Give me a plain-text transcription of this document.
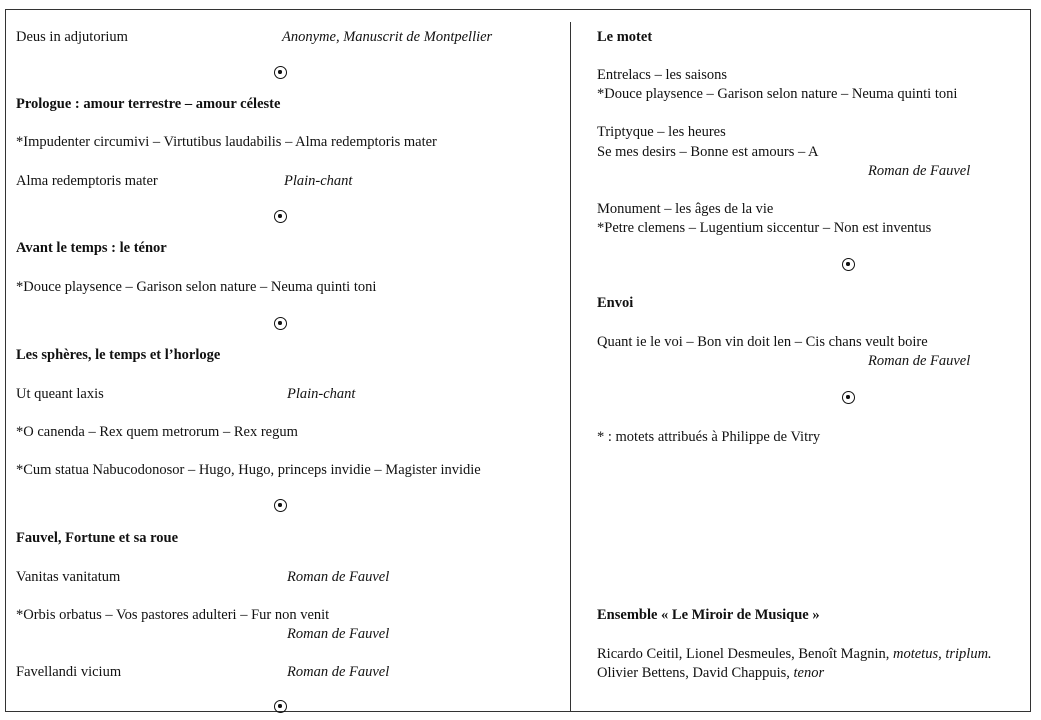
Deus in adjutorium	Anonyme, Manuscrit de Montpellier
Prologue : amour terrestre – amour céleste
*Impudenter circumivi – Virtutibus laudabilis – Alma redemptoris mater
Alma redemptoris mater	Plain-chant
Avant le temps : le ténor
*Douce playsence – Garison selon nature – Neuma quinti toni
Les sphères, le temps et l’horloge
Ut queant laxis	Plain-chant
*O canenda – Rex quem metrorum – Rex regum
*Cum statua Nabucodonosor – Hugo, Hugo, princeps invidie – Magister invidie
Fauvel, Fortune et sa roue
Vanitas vanitatum	Roman de Fauvel
*Orbis orbatus – Vos pastores adulteri – Fur non venit
Roman de Fauvel
Favellandi vicium	Roman de Fauvel
Le motet
Entrelacs – les saisons
*Douce playsence – Garison selon nature – Neuma quinti toni
Triptyque – les heures
Se mes desirs – Bonne est amours – A
Roman de Fauvel
Monument – les âges de la vie
*Petre clemens – Lugentium siccentur – Non est inventus
Envoi
Quant ie le voi – Bon vin doit len – Cis chans veult boire
Roman de Fauvel
* : motets attribués à Philippe de Vitry
Ensemble « Le Miroir de Musique »
Ricardo Ceitil, Lionel Desmeules, Benoît Magnin, motetus, triplum.
Olivier Bettens, David Chappuis, tenor
